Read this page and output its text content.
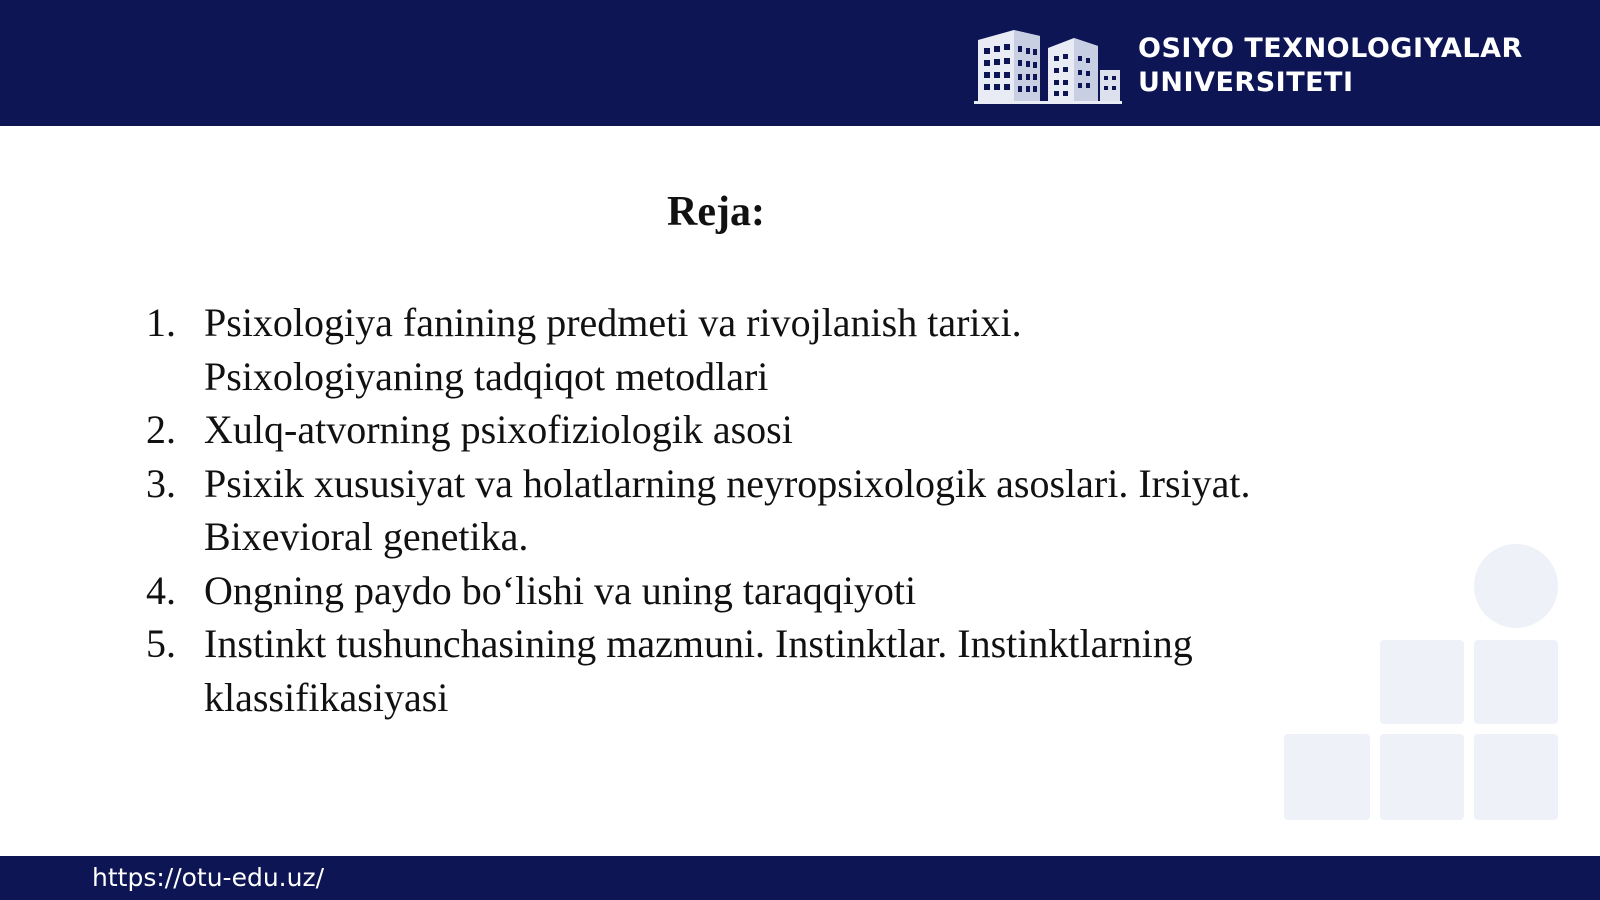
OSIYO TEXNOLOGIYALAR
UNIVERSITETI
Reja:
1. Psixologiya fanining predmeti va rivojlanish tarixi.
Psixologiyaning tadqiqot metodlari
2. Xulq-atvorning psixofiziologik asosi
3. Psixik xususiyat va holatlarning neyropsixologik asoslari. Irsiyat.
Bixevioral genetika.
4. Ongning paydo bo‘lishi va uning taraqqiyoti
5. Instinkt tushunchasining mazmuni. Instinktlar. Instinktlarning
klassifikasiyasi
https://otu-edu.uz/
